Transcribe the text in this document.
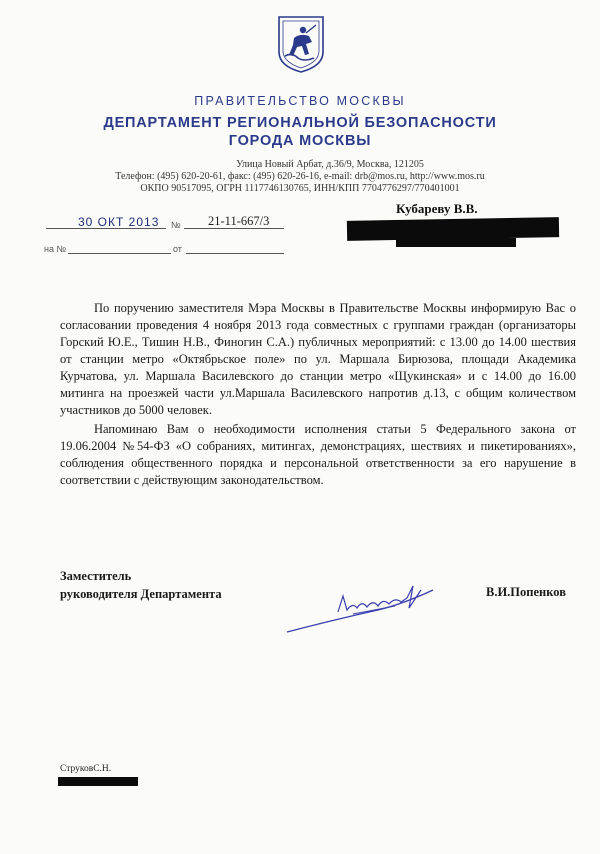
ПРАВИТЕЛЬСТВО МОСКВЫ
ДЕПАРТАМЕНТ РЕГИОНАЛЬНОЙ БЕЗОПАСНОСТИ
ГОРОДА МОСКВЫ
Улица Новый Арбат, д.36/9, Москва, 121205
Телефон: (495) 620-20-61, факс: (495) 620-26-16, e-mail: drb@mos.ru, http://www.mos.ru
ОКПО 90517095, ОГРН 1117746130765, ИНН/КПП 7704776297/770401001
30 ОКТ 2013 № 21-11-667/3
на №	от
Кубареву В.В.

По поручению заместителя Мэра Москвы в Правительстве Москвы информирую Вас о согласовании проведения 4 ноября 2013 года совместных с группами граждан (организаторы Горский Ю.Е., Тишин Н.В., Финогин С.А.) публичных мероприятий: с 13.00 до 14.00 шествия от станции метро «Октябрьское поле» по ул. Маршала Бирюзова, площади Академика Курчатова, ул. Маршала Василевского до станции метро «Щукинская» и с 14.00 до 16.00 митинга на проезжей части ул.Маршала Василевского напротив д.13, с общим количеством участников до 5000 человек.

Напоминаю Вам о необходимости исполнения статьи 5 Федерального закона от 19.06.2004 №54-ФЗ «О собраниях, митингах, демонстрациях, шествиях и пикетированиях», соблюдения общественного порядка и персональной ответственности за его нарушение в соответствии с действующим законодательством.

Заместитель
руководителя Департамента	В.И.Попенков
СтруковС.Н.
